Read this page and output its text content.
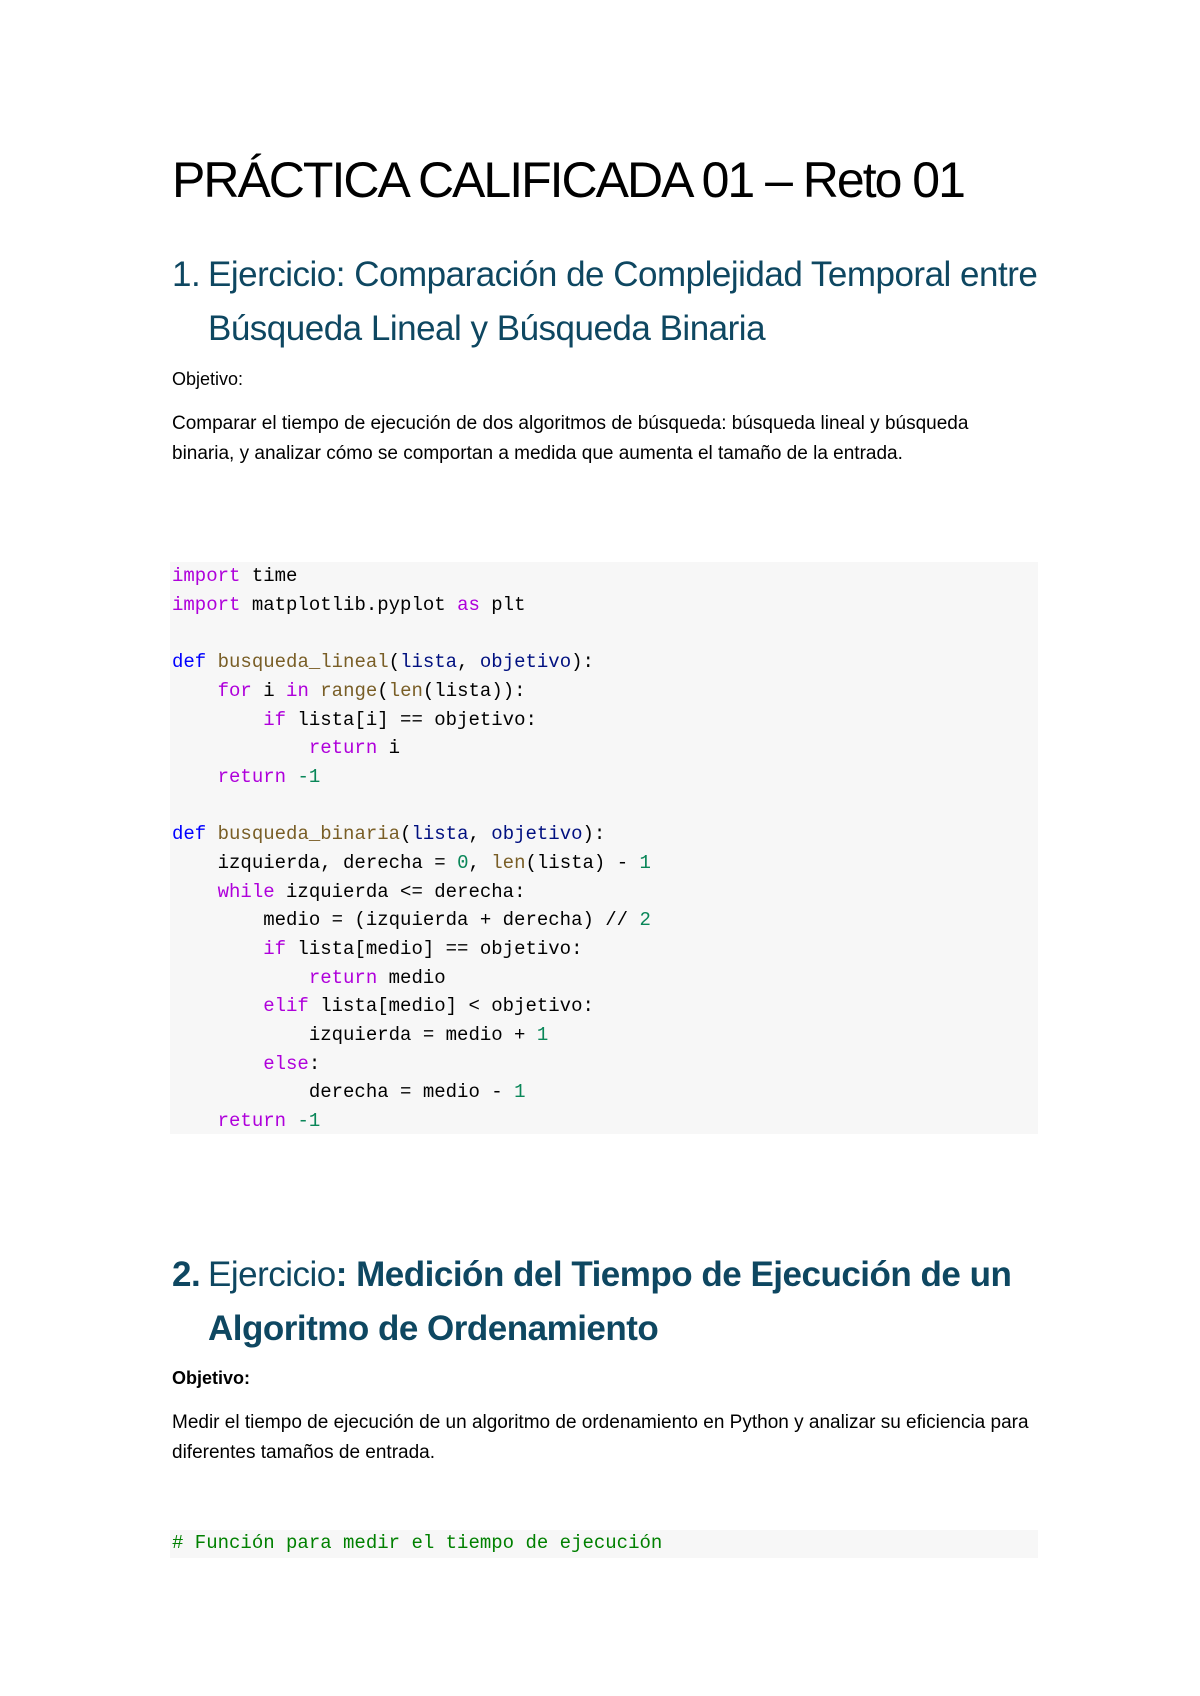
PRÁCTICA CALIFICADA 01 – Reto 01
1. Ejercicio: Comparación de Complejidad Temporal entre Búsqueda Lineal y Búsqueda Binaria

Objetivo:

Comparar el tiempo de ejecución de dos algoritmos de búsqueda: búsqueda lineal y búsqueda binaria, y analizar cómo se comportan a medida que aumenta el tamaño de la entrada.

import time
import matplotlib.pyplot as plt
def busqueda_lineal(lista, objetivo):
for i in range(len(lista)):
if lista[i] == objetivo:
return i
return -1
def busqueda_binaria(lista, objetivo):
izquierda, derecha = 0, len(lista) - 1
while izquierda <= derecha:
medio = (izquierda + derecha) // 2
if lista[medio] == objetivo:
return medio
elif lista[medio] < objetivo:
izquierda = medio + 1
else:
derecha = medio - 1
return -1
2. Ejercicio: Medición del Tiempo de Ejecución de un Algoritmo de Ordenamiento

Objetivo:

Medir el tiempo de ejecución de un algoritmo de ordenamiento en Python y analizar su eficiencia para diferentes tamaños de entrada.

# Función para medir el tiempo de ejecución
